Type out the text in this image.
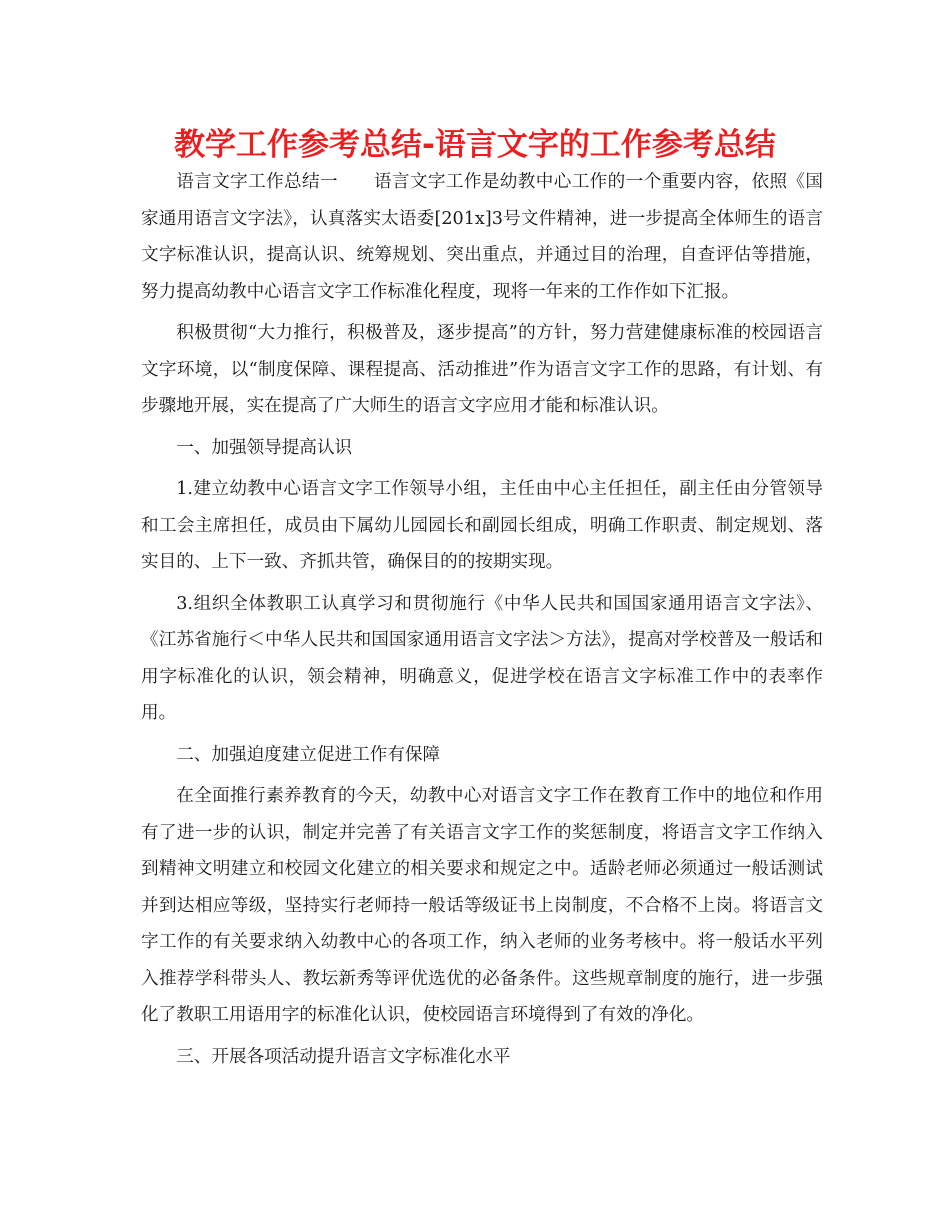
教学工作参考总结-语言文字的工作参考总结

语言文字工作总结一　　语言文字工作是幼教中心工作的一个重要内容，依照《国家通用语言文字法》，认真落实太语委[201x]3号文件精神，进一步提高全体师生的语言文字标准认识，提高认识、统筹规划、突出重点，并通过目的治理，自查评估等措施，努力提高幼教中心语言文字工作标准化程度，现将一年来的工作作如下汇报。

积极贯彻“大力推行，积极普及，逐步提高”的方针，努力营建健康标准的校园语言文字环境，以“制度保障、课程提高、活动推进”作为语言文字工作的思路，有计划、有步骤地开展，实在提高了广大师生的语言文字应用才能和标准认识。

一、加强领导提高认识

1.建立幼教中心语言文字工作领导小组，主任由中心主任担任，副主任由分管领导和工会主席担任，成员由下属幼儿园园长和副园长组成，明确工作职责、制定规划、落实目的、上下一致、齐抓共管，确保目的的按期实现。

3.组织全体教职工认真学习和贯彻施行《中华人民共和国国家通用语言文字法》、《江苏省施行＜中华人民共和国国家通用语言文字法＞方法》，提高对学校普及一般话和用字标准化的认识，领会精神，明确意义，促进学校在语言文字标准工作中的表率作用。

二、加强迫度建立促进工作有保障

在全面推行素养教育的今天，幼教中心对语言文字工作在教育工作中的地位和作用有了进一步的认识，制定并完善了有关语言文字工作的奖惩制度，将语言文字工作纳入到精神文明建立和校园文化建立的相关要求和规定之中。适龄老师必须通过一般话测试并到达相应等级，坚持实行老师持一般话等级证书上岗制度，不合格不上岗。将语言文字工作的有关要求纳入幼教中心的各项工作，纳入老师的业务考核中。将一般话水平列入推荐学科带头人、教坛新秀等评优选优的必备条件。这些规章制度的施行，进一步强化了教职工用语用字的标准化认识，使校园语言环境得到了有效的净化。

三、开展各项活动提升语言文字标准化水平
